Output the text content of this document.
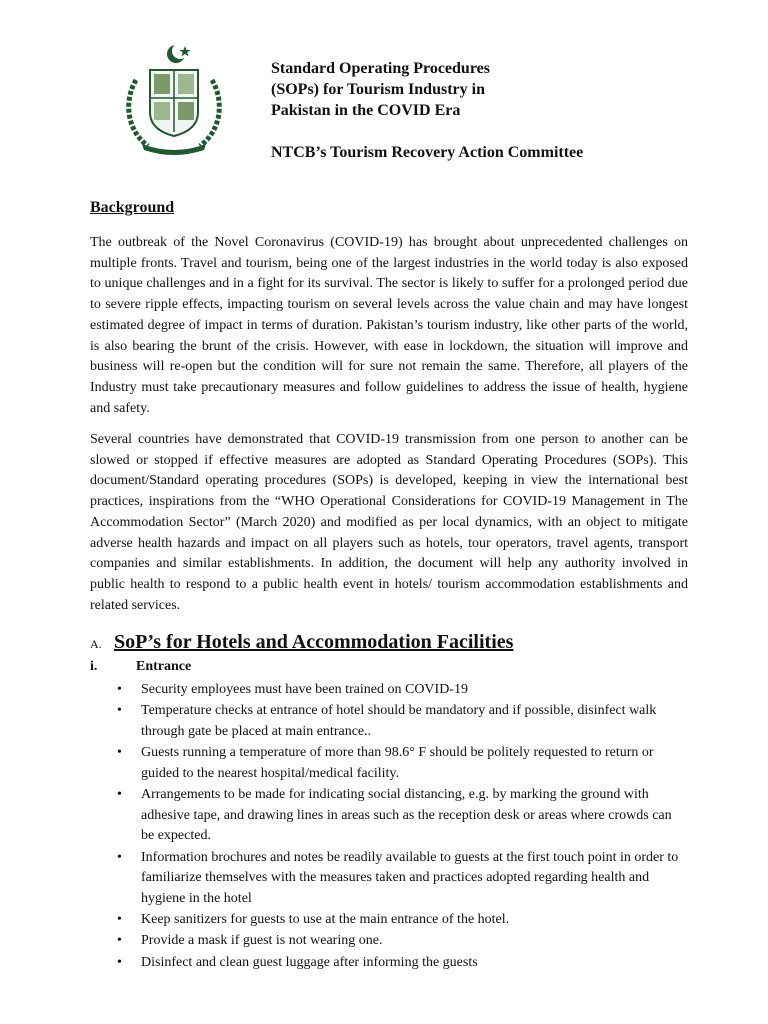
Standard Operating Procedures
(SOPs) for Tourism Industry in
Pakistan in the COVID Era
NTCB’s Tourism Recovery Action Committee
Background
The outbreak of the Novel Coronavirus (COVID-19) has brought about unprecedented challenges on multiple fronts. Travel and tourism, being one of the largest industries in the world today is also exposed to unique challenges and in a fight for its survival. The sector is likely to suffer for a prolonged period due to severe ripple effects, impacting tourism on several levels across the value chain and may have longest estimated degree of impact in terms of duration. Pakistan’s tourism industry, like other parts of the world, is also bearing the brunt of the crisis. However, with ease in lockdown, the situation will improve and business will re-open but the condition will for sure not remain the same. Therefore, all players of the Industry must take precautionary measures and follow guidelines to address the issue of health, hygiene and safety.
Several countries have demonstrated that COVID-19 transmission from one person to another can be slowed or stopped if effective measures are adopted as Standard Operating Procedures (SOPs). This document/Standard operating procedures (SOPs) is developed, keeping in view the international best practices, inspirations from the “WHO Operational Considerations for COVID-19 Management in The Accommodation Sector” (March 2020) and modified as per local dynamics, with an object to mitigate adverse health hazards and impact on all players such as hotels, tour operators, travel agents, transport companies and similar establishments. In addition, the document will help any authority involved in public health to respond to a public health event in hotels/ tourism accommodation establishments and related services.
A. SoP’s for Hotels and Accommodation Facilities
i.	Entrance
• Security employees must have been trained on COVID-19
• Temperature checks at entrance of hotel should be mandatory and if possible, disinfect walk through gate be placed at main entrance..
• Guests running a temperature of more than 98.6° F should be politely requested to return or guided to the nearest hospital/medical facility.
• Arrangements to be made for indicating social distancing, e.g. by marking the ground with adhesive tape, and drawing lines in areas such as the reception desk or areas where crowds can be expected.
• Information brochures and notes be readily available to guests at the first touch point in order to familiarize themselves with the measures taken and practices adopted regarding health and hygiene in the hotel
• Keep sanitizers for guests to use at the main entrance of the hotel.
• Provide a mask if guest is not wearing one.
• Disinfect and clean guest luggage after informing the guests
